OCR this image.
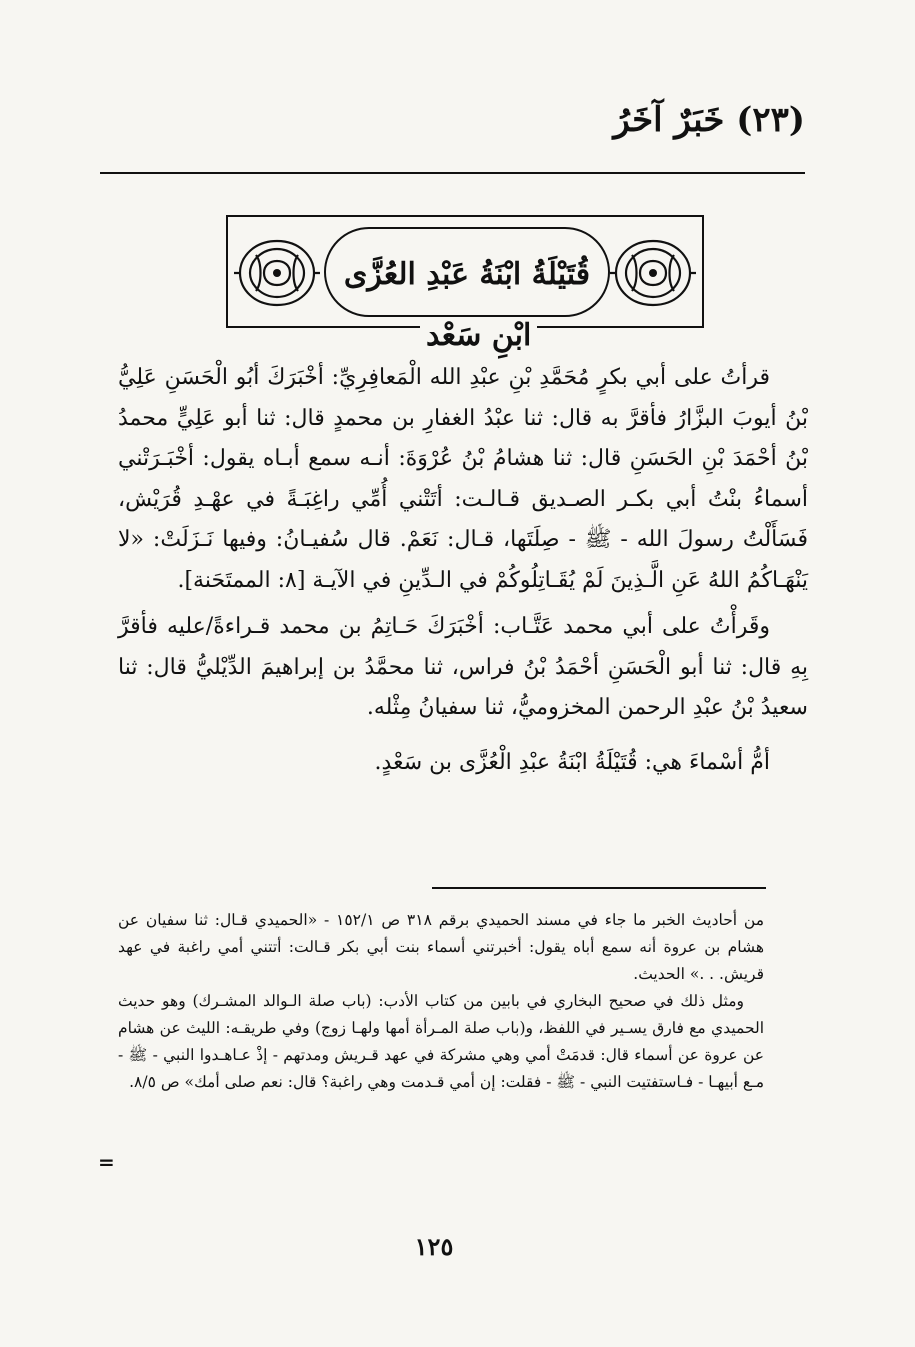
(٢٣) خَبَرٌ آخَرُ
قُتَيْلَةُ ابْنَةُ عَبْدِ العُزَّى
ابْنِ سَعْد

قرأتُ على أبي بكرٍ مُحَمَّدِ بْنِ عبْدِ الله الْمَعافِرِيِّ: أخْبَرَكَ أبُو الْحَسَنِ عَلِيُّ بْنُ أيوبَ البزَّارُ فأقرَّ به قال: ثنا عبْدُ الغفارِ بن محمدٍ قال: ثنا أبو عَلِيٍّ محمدُ بْنُ أحْمَدَ بْنِ الحَسَنِ قال: ثنا هشامُ بْنُ عُرْوَةَ: أنـه سمع أبـاه يقول: أخْبَـرَتْني أسماءُ بنْتُ أبي بكـر الصـديق قـالـت: أتَتْني أُمِّي راغِبَـةً في عهْـدِ قُرَيْش، فَسَأَلْتُ رسولَ الله - ﷺ - صِلَتَها، قـال: نَعَمْ. قال سُفيـانُ: وفيها نَـزَلَتْ: «لا يَنْهَـاكُمُ اللهُ عَنِ الَّـذِينَ لَمْ يُقَـاتِلُوكُمْ في الـدِّينِ في الآيـة [٨: الممتَحَنة].

وقَرأْتُ على أبي محمد عَتَّـاب: أخْبَرَكَ حَـاتِمُ بن محمد قـراءةً/عليه فأقرَّ بِهِ قال: ثنا أبو الْحَسَنِ أحْمَدُ بْنُ فراس، ثنا محمَّدُ بن إبراهيمَ الدِّيْليُّ قال: ثنا سعيدُ بْنُ عبْدِ الرحمن المخزوميُّ، ثنا سفيانُ مِثْله.

أمُّ أسْماءَ هي: قُتَيْلَةُ ابْنَةُ عبْدِ الْعُزَّى بن سَعْدٍ.

من أحاديث الخبر ما جاء في مسند الحميدي برقم ٣١٨ ص ١٥٢/١ - «الحميدي قـال: ثنا سفيان عن هشام بن عروة أنه سمع أباه يقول: أخبرتني أسماء بنت أبي بكر قـالت: أتتني أمي راغبة في عهد قريش. . .» الحديث.

ومثل ذلك في صحيح البخاري في بابين من كتاب الأدب: (باب صلة الـوالد المشـرك) وهو حديث الحميدي مع فارق يسـير في اللفظ، و(باب صلة المـرأة أمها ولهـا زوج) وفي طريقـه: الليث عن هشام عن عروة عن أسماء قال: قدمَتْ أمي وهي مشركة في عهد قـريش ومدتهم - إذْ عـاهـدوا النبي - ﷺ - مـع أبيهـا - فـاستفتيت النبي - ﷺ - فقلت: إن أمي قـدمت وهي راغبة؟ قال: نعم صلى أمك» ص ٨/٥.

=
١٢٥
